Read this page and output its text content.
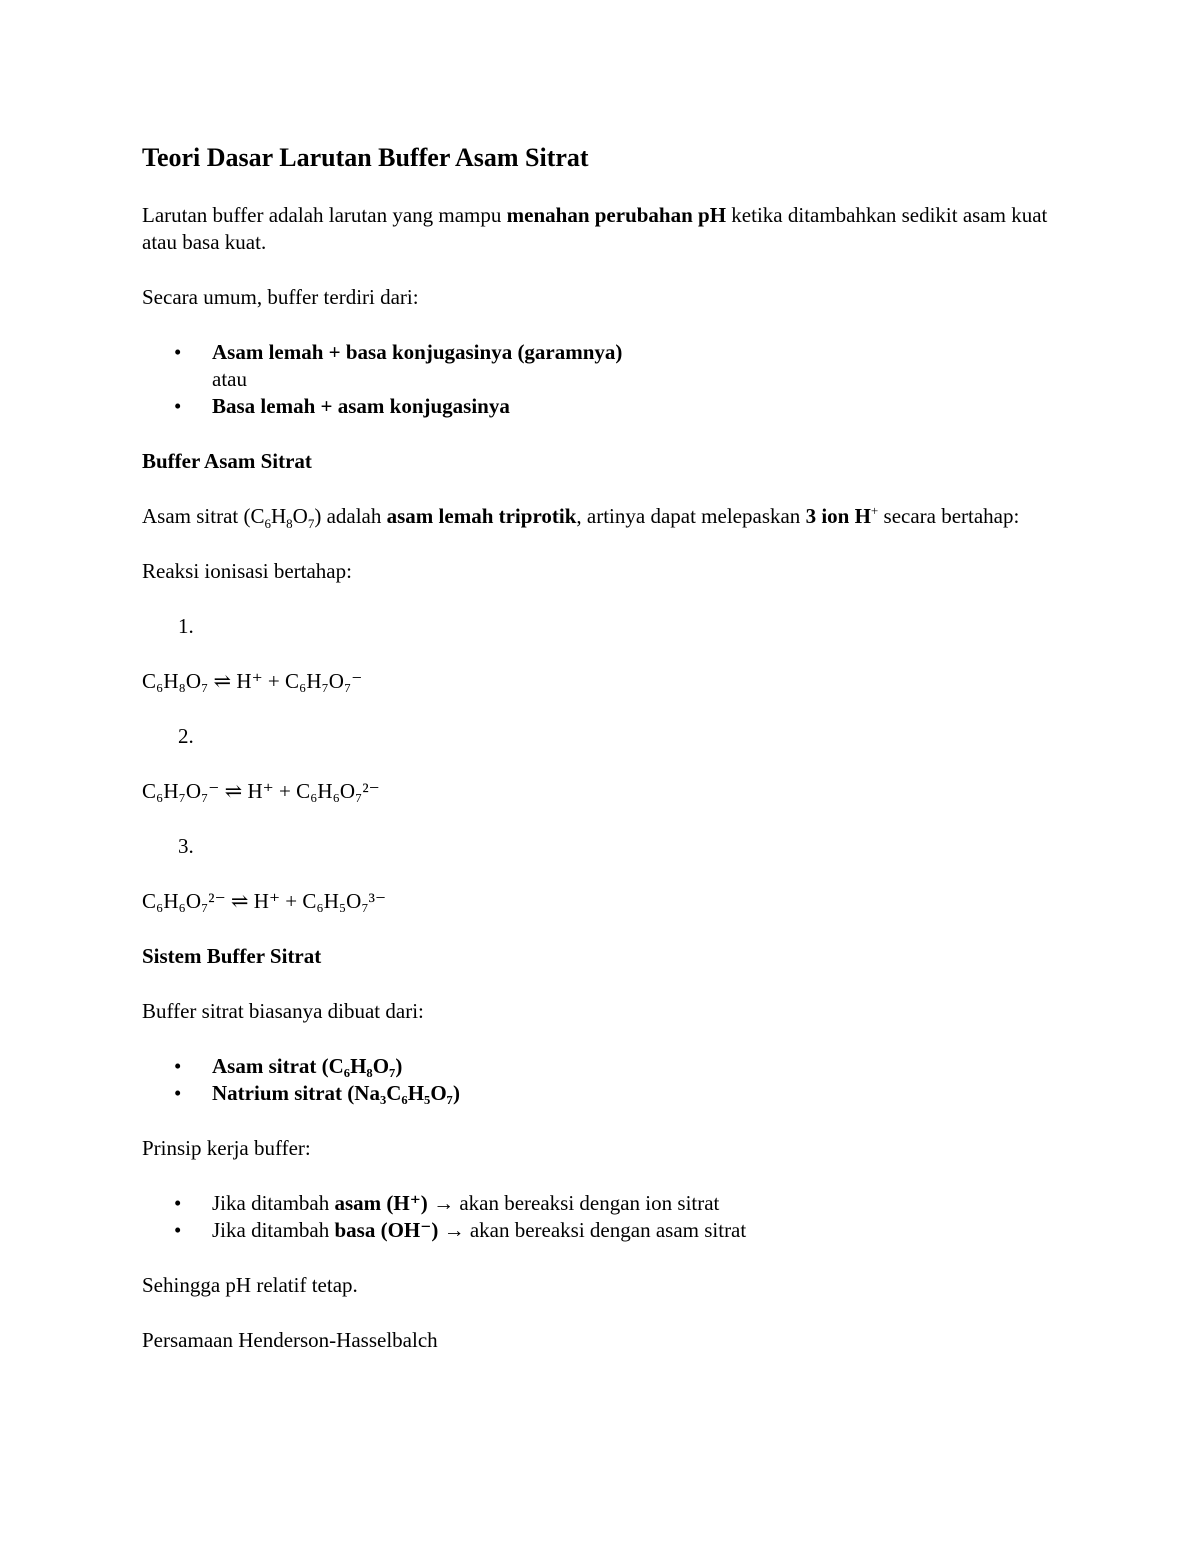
Teori Dasar Larutan Buffer Asam Sitrat

Larutan buffer adalah larutan yang mampu menahan perubahan pH ketika ditambahkan sedikit asam kuat atau basa kuat.

Secara umum, buffer terdiri dari:

• Asam lemah + basa konjugasinya (garamnya)
atau
• Basa lemah + asam konjugasinya
Buffer Asam Sitrat

Asam sitrat $(C_6H_8O_7)$ adalah asam lemah triprotik, artinya dapat melepaskan 3 ion H+ secara bertahap:

Reaksi ionisasi bertahap:

1.
C₆H₈O₇ ⇌ H⁺ + C₆H₇O₇⁻
2.
C₆H₇O₇⁻ ⇌ H⁺ + C₆H₆O₇²⁻
3.
C₆H₆O₇²⁻ ⇌ H⁺ + C₆H₅O₇³⁻
Sistem Buffer Sitrat

Buffer sitrat biasanya dibuat dari:

• Asam sitrat (C₆H₈O₇)
• Natrium sitrat (Na₃C₆H₅O₇)

Prinsip kerja buffer:

• Jika ditambah asam (H⁺) → akan bereaksi dengan ion sitrat
• Jika ditambah basa (OH⁻) → akan bereaksi dengan asam sitrat

Sehingga pH relatif tetap.

Persamaan Henderson-Hasselbalch
